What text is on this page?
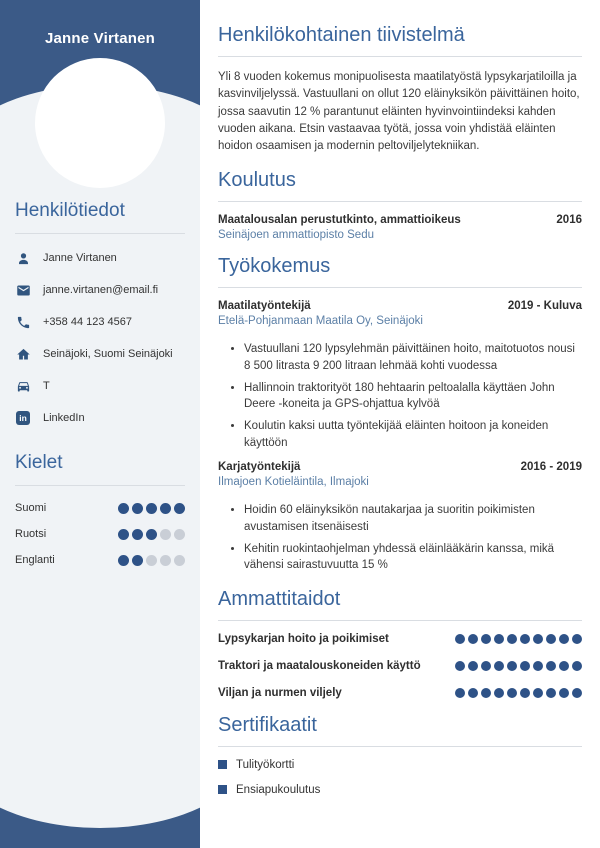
Janne Virtanen
Henkilötiedot
Janne Virtanen
janne.virtanen@email.fi
+358 44 123 4567
Seinäjoki, Suomi Seinäjoki
T
in LinkedIn
Kielet
Suomi
Ruotsi
Englanti
Henkilökohtainen tiivistelmä

Yli 8 vuoden kokemus monipuolisesta maatilatyöstä lypsykarjatiloilla ja kasvinviljelyssä. Vastuullani on ollut 120 eläinyksikön päivittäinen hoito, jossa saavutin 12 % parantunut eläinten hyvinvointiindeksi kahden vuoden aikana. Etsin vastaavaa työtä, jossa voin yhdistää eläinten hoidon osaamisen ja modernin peltoviljelytekniikan.

Koulutus
Maatalousalan perustutkinto, ammattioikeus	2016
Seinäjoen ammattiopisto Sedu
Työkokemus
Maatilatyöntekijä	2019 - Kuluva
Etelä-Pohjanmaan Maatila Oy, Seinäjoki
• Vastuullani 120 lypsylehmän päivittäinen hoito, maitotuotos nousi 8 500 litrasta 9 200 litraan lehmää kohti vuodessa
• Hallinnoin traktorityöt 180 hehtaarin peltoalalla käyttäen John Deere -koneita ja GPS-ohjattua kylvöä
• Koulutin kaksi uutta työntekijää eläinten hoitoon ja koneiden käyttöön
Karjatyöntekijä	2016 - 2019
Ilmajoen Kotieläintila, Ilmajoki
• Hoidin 60 eläinyksikön nautakarjaa ja suoritin poikimisten avustamisen itsenäisesti
• Kehitin ruokintaohjelman yhdessä eläinlääkärin kanssa, mikä vähensi sairastuvuutta 15 %
Ammattitaidot
Lypsykarjan hoito ja poikimiset
Traktori ja maatalouskoneiden käyttö
Viljan ja nurmen viljely
Sertifikaatit
Tulityökortti
Ensiapukoulutus
